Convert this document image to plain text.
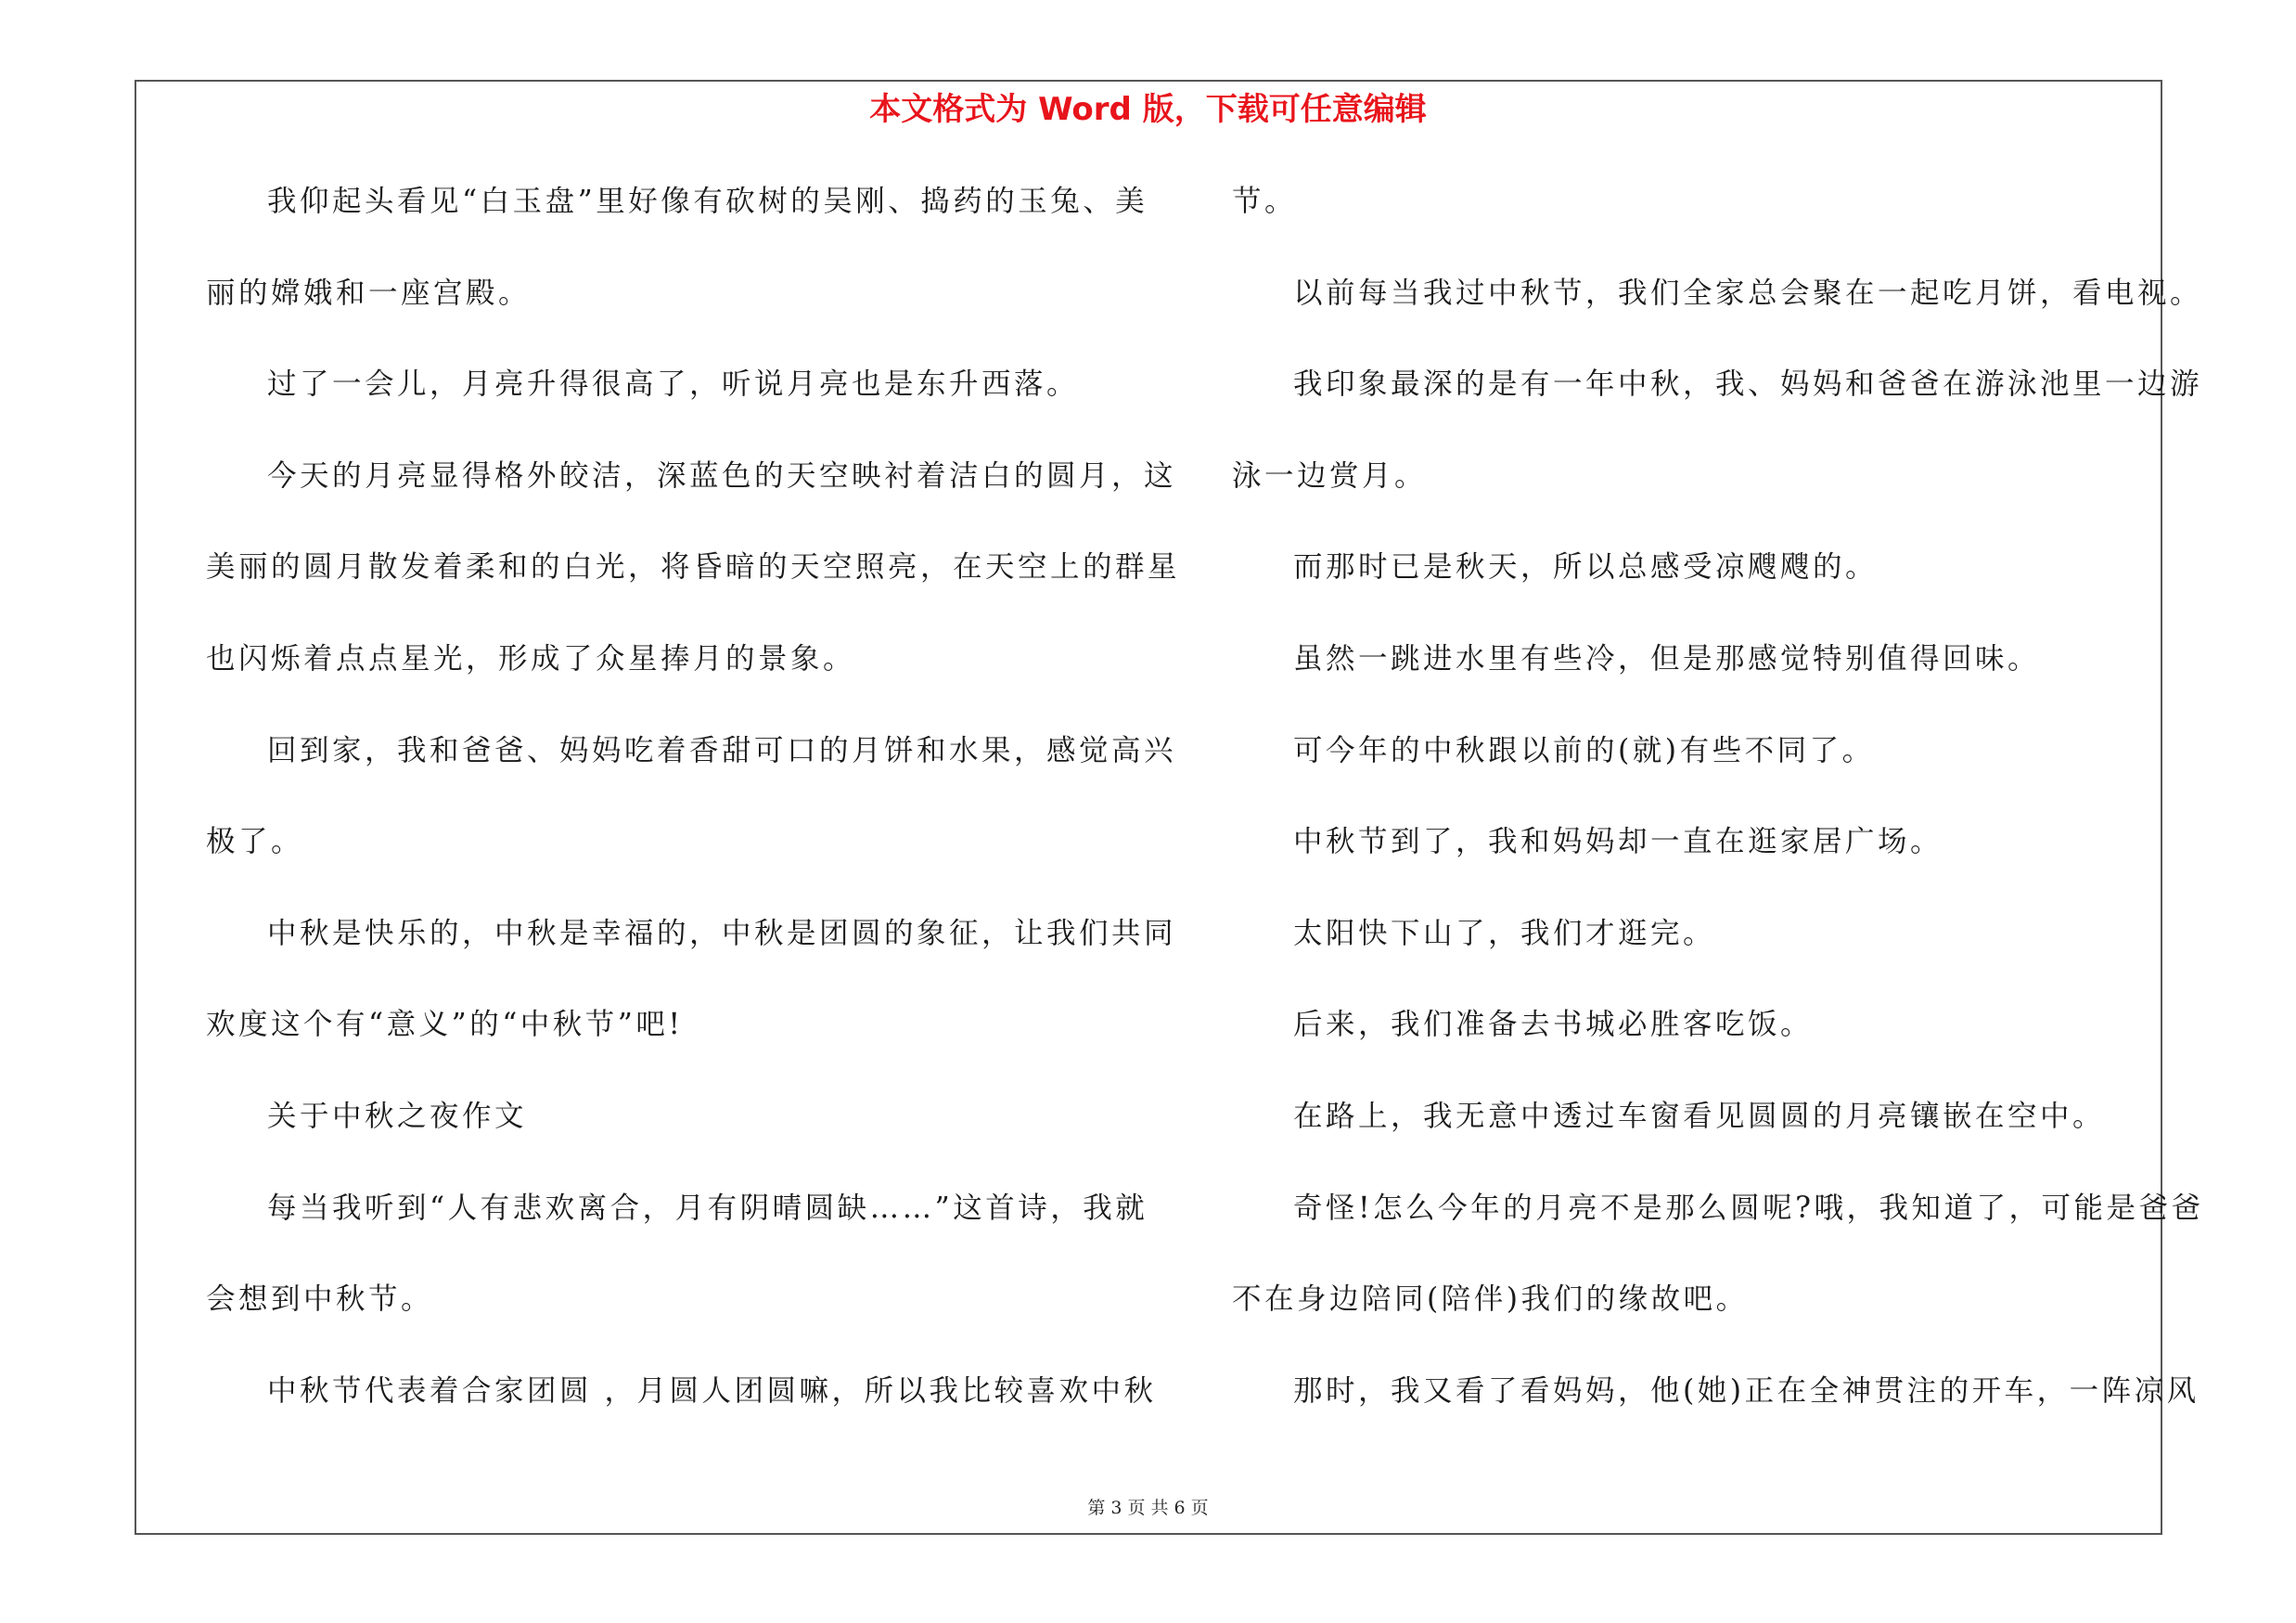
本文格式为 Word 版，下载可任意编辑
我仰起头看见“白玉盘”里好像有砍树的吴刚、捣药的玉兔、美
丽的嫦娥和一座宫殿。
过了一会儿，月亮升得很高了，听说月亮也是东升西落。
今天的月亮显得格外皎洁，深蓝色的天空映衬着洁白的圆月，这
美丽的圆月散发着柔和的白光，将昏暗的天空照亮，在天空上的群星
也闪烁着点点星光，形成了众星捧月的景象。
回到家，我和爸爸、妈妈吃着香甜可口的月饼和水果，感觉高兴
极了。
中秋是快乐的，中秋是幸福的，中秋是团圆的象征，让我们共同
欢度这个有“意义”的“中秋节”吧!
关于中秋之夜作文
每当我听到“人有悲欢离合，月有阴晴圆缺……”这首诗，我就
会想到中秋节。
中秋节代表着合家团圆 ，月圆人团圆嘛，所以我比较喜欢中秋
节。
以前每当我过中秋节，我们全家总会聚在一起吃月饼，看电视。
我印象最深的是有一年中秋，我、妈妈和爸爸在游泳池里一边游
泳一边赏月。
而那时已是秋天，所以总感受凉飕飕的。
虽然一跳进水里有些冷，但是那感觉特别值得回味。
可今年的中秋跟以前的(就)有些不同了。
中秋节到了，我和妈妈却一直在逛家居广场。
太阳快下山了，我们才逛完。
后来，我们准备去书城必胜客吃饭。
在路上，我无意中透过车窗看见圆圆的月亮镶嵌在空中。
奇怪!怎么今年的月亮不是那么圆呢?哦，我知道了，可能是爸爸
不在身边陪同(陪伴)我们的缘故吧。
那时，我又看了看妈妈，他(她)正在全神贯注的开车，一阵凉风
第 3 页 共 6 页
